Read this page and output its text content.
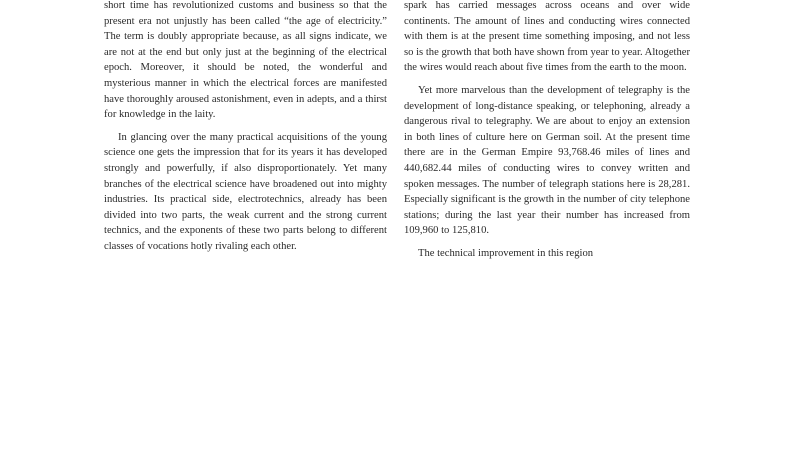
short time has revolutionized customs and business so that the present era not unjustly has been called “the age of electricity.” The term is doubly appropriate because, as all signs indicate, we are not at the end but only just at the beginning of the electrical epoch. Moreover, it should be noted, the wonderful and mysterious manner in which the electrical forces are manifested have thoroughly aroused astonishment, even in adepts, and a thirst for knowledge in the laity.

In glancing over the many practical acquisitions of the young science one gets the impression that for its years it has developed strongly and powerfully, if also disproportionately. Yet many branches of the electrical science have broadened out into mighty industries. Its practical side, electrotechnics, already has been divided into two parts, the weak current and the strong current technics, and the exponents of these two parts belong to different classes of vocations hotly rivaling each other.

spark has carried messages across oceans and over wide continents. The amount of lines and conducting wires connected with them is at the present time something imposing, and not less so is the growth that both have shown from year to year. Altogether the wires would reach about five times from the earth to the moon.

Yet more marvelous than the development of telegraphy is the development of long-distance speaking, or telephoning, already a dangerous rival to telegraphy. We are about to enjoy an extension in both lines of culture here on German soil. At the present time there are in the German Empire 93,768.46 miles of lines and 440,682.44 miles of conducting wires to convey written and spoken messages. The number of telegraph stations here is 28,281. Especially significant is the growth in the number of city telephone stations; during the last year their number has increased from 109,960 to 125,810.

The technical improvement in this region
